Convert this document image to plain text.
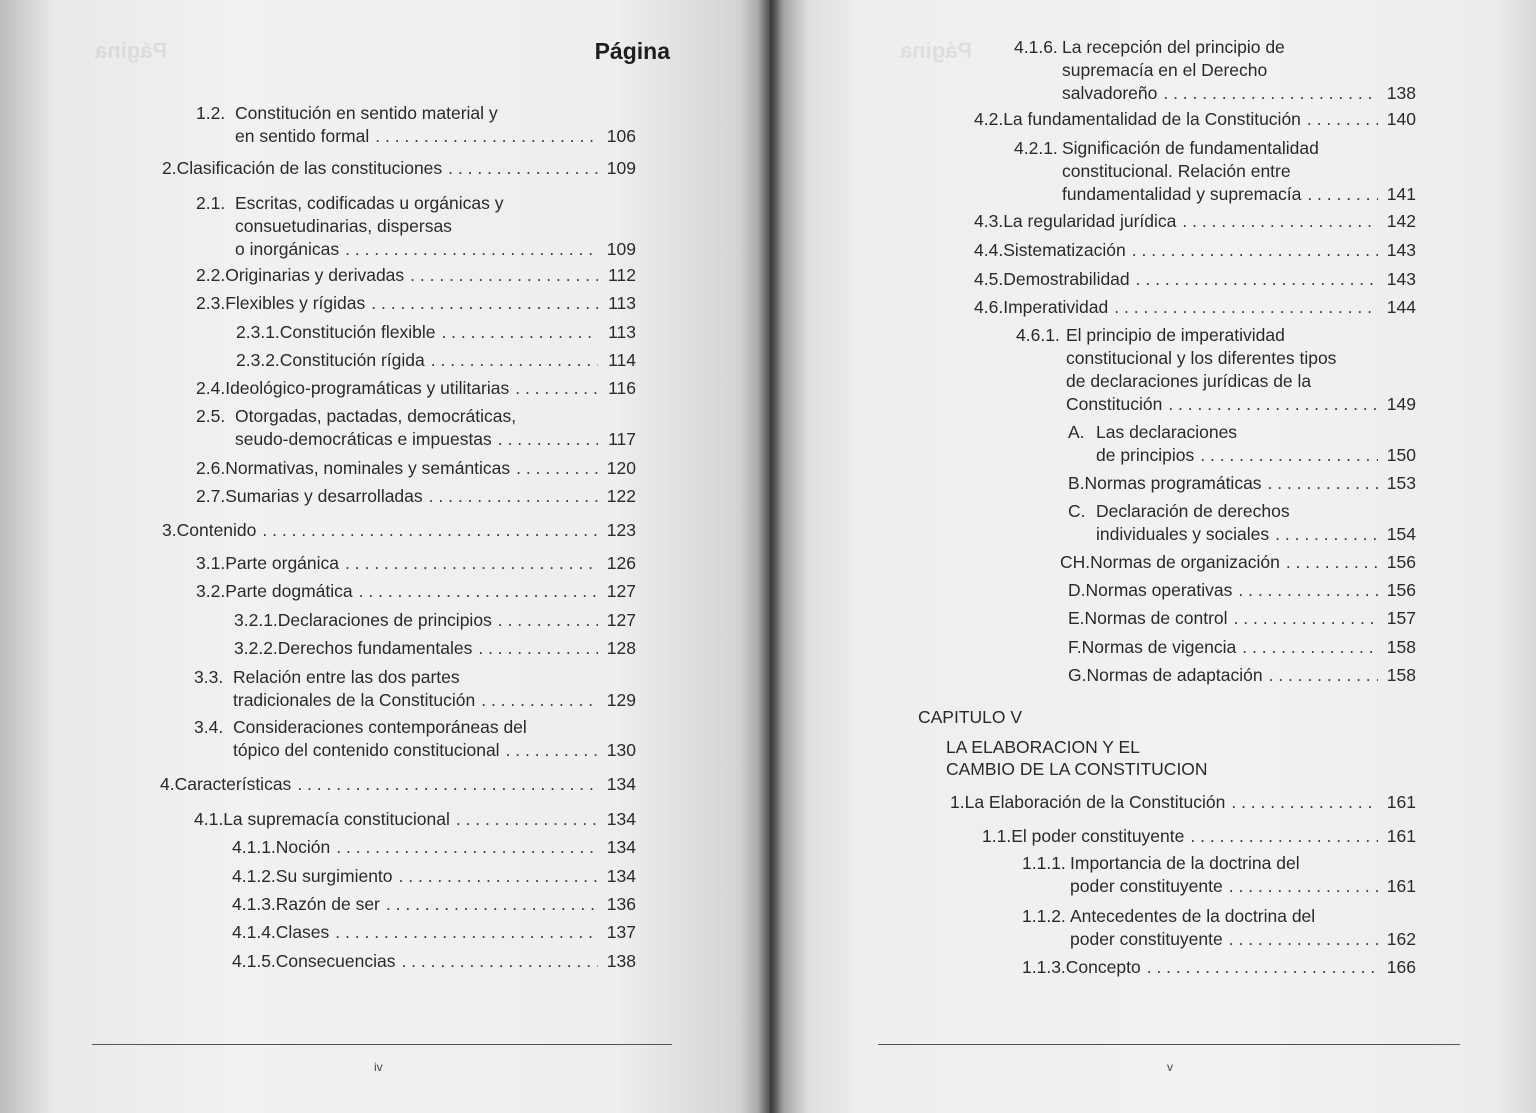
Página	Página
1.2. Constitución en sentido material y
en sentido formal . . .	106
2. Clasificación de las constituciones . . .	109
2.1. Escritas, codificadas u orgánicas y
consuetudinarias, dispersas
o inorgánicas . . .	109
2.2. Originarias y derivadas . . .	112
2.3. Flexibles y rígidas . . .	113
2.3.1. Constitución flexible . . .	113
2.3.2. Constitución rígida . . .	114
2.4. Ideológico-programáticas y utilitarias . . .	116
2.5. Otorgadas, pactadas, democráticas,
seudo-democráticas e impuestas . . .	117
2.6. Normativas, nominales y semánticas . . .	120
2.7. Sumarias y desarrolladas . . .	122
3. Contenido . . .	123
3.1. Parte orgánica . . .	126
3.2. Parte dogmática . . .	127
3.2.1. Declaraciones de principios . . .	127
3.2.2. Derechos fundamentales . . .	128
3.3. Relación entre las dos partes
tradicionales de la Constitución . . .	129
3.4. Consideraciones contemporáneas del
tópico del contenido constitucional . . .	130
4. Características . . .	134
4.1. La supremacía constitucional . . .	134
4.1.1. Noción . . .	134
4.1.2. Su surgimiento . . .	134
4.1.3. Razón de ser . . .	136
4.1.4. Clases . . .	137
4.1.5. Consecuencias . . .	138
iv
Página 4.1.6. La recepción del principio de
supremacía en el Derecho
salvadoreño . . .	138
4.2. La fundamentalidad de la Constitución . . .	140
4.2.1. Significación de fundamentalidad
constitucional. Relación entre
fundamentalidad y supremacía . . .	141
4.3. La regularidad jurídica . . .	142
4.4. Sistematización . . .	143
4.5. Demostrabilidad . . .	143
4.6. Imperatividad . . .	144
4.6.1. El principio de imperatividad
constitucional y los diferentes tipos
de declaraciones jurídicas de la
Constitución . . .	149
A. Las declaraciones
de principios . . .	150
B. Normas programáticas . . .	153
C. Declaración de derechos
individuales y sociales . . .	154
CH. Normas de organización . . .	156
D. Normas operativas . . .	156
E. Normas de control . . .	157
F. Normas de vigencia . . .	158
G. Normas de adaptación . . .	158
1. La Elaboración de la Constitución . . .	161
1.1. El poder constituyente . . .	161
1.1.1. Importancia de la doctrina del
poder constituyente . . .	161
1.1.2. Antecedentes de la doctrina del
poder constituyente . . .	162
1.1.3. Concepto . . .	166
CAPITULO V
LA ELABORACION Y EL
CAMBIO DE LA CONSTITUCION
v
